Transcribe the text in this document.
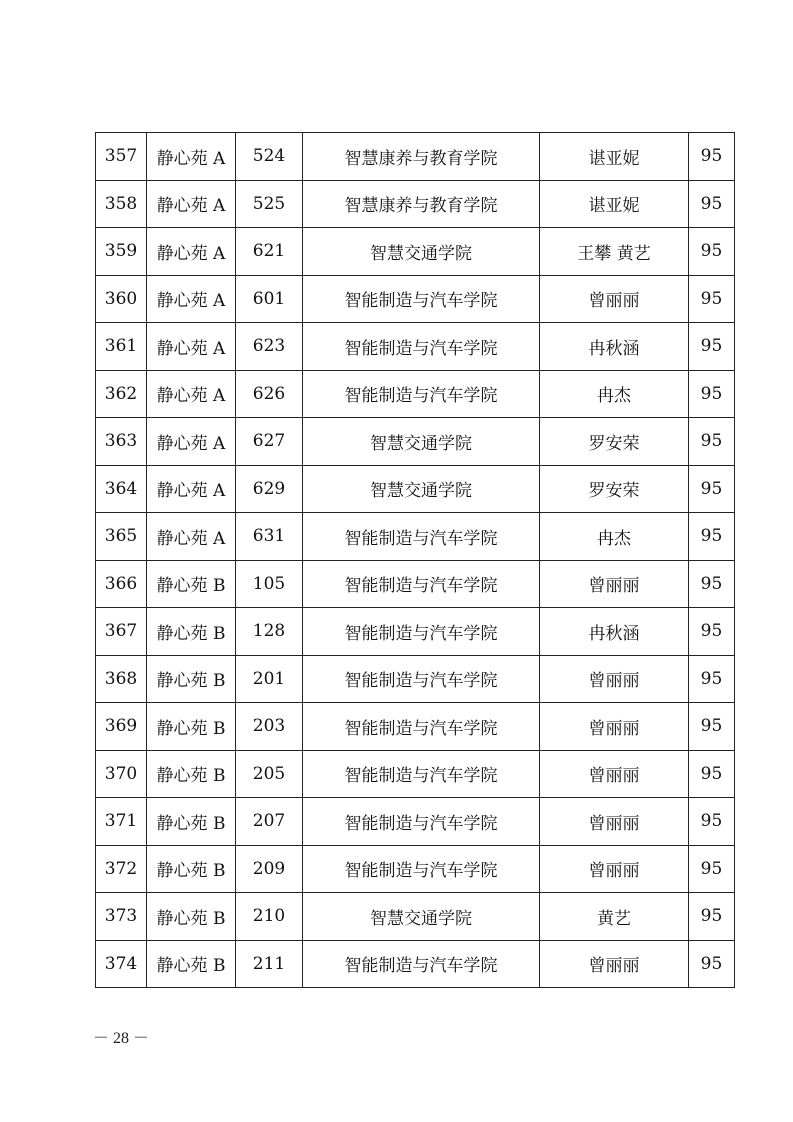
357	静心苑 A	524	智慧康养与教育学院	谌亚妮	95
358	静心苑 A	525	智慧康养与教育学院	谌亚妮	95
359	静心苑 A	621	智慧交通学院	王攀 黄艺	95
360	静心苑 A	601	智能制造与汽车学院	曾丽丽	95
361	静心苑 A	623	智能制造与汽车学院	冉秋涵	95
362	静心苑 A	626	智能制造与汽车学院	冉杰	95
363	静心苑 A	627	智慧交通学院	罗安荣	95
364	静心苑 A	629	智慧交通学院	罗安荣	95
365	静心苑 A	631	智能制造与汽车学院	冉杰	95
366	静心苑 B	105	智能制造与汽车学院	曾丽丽	95
367	静心苑 B	128	智能制造与汽车学院	冉秋涵	95
368	静心苑 B	201	智能制造与汽车学院	曾丽丽	95
369	静心苑 B	203	智能制造与汽车学院	曾丽丽	95
370	静心苑 B	205	智能制造与汽车学院	曾丽丽	95
371	静心苑 B	207	智能制造与汽车学院	曾丽丽	95
372	静心苑 B	209	智能制造与汽车学院	曾丽丽	95
373	静心苑 B	210	智慧交通学院	黄艺	95
374	静心苑 B	211	智能制造与汽车学院	曾丽丽	95
－ 28 －
